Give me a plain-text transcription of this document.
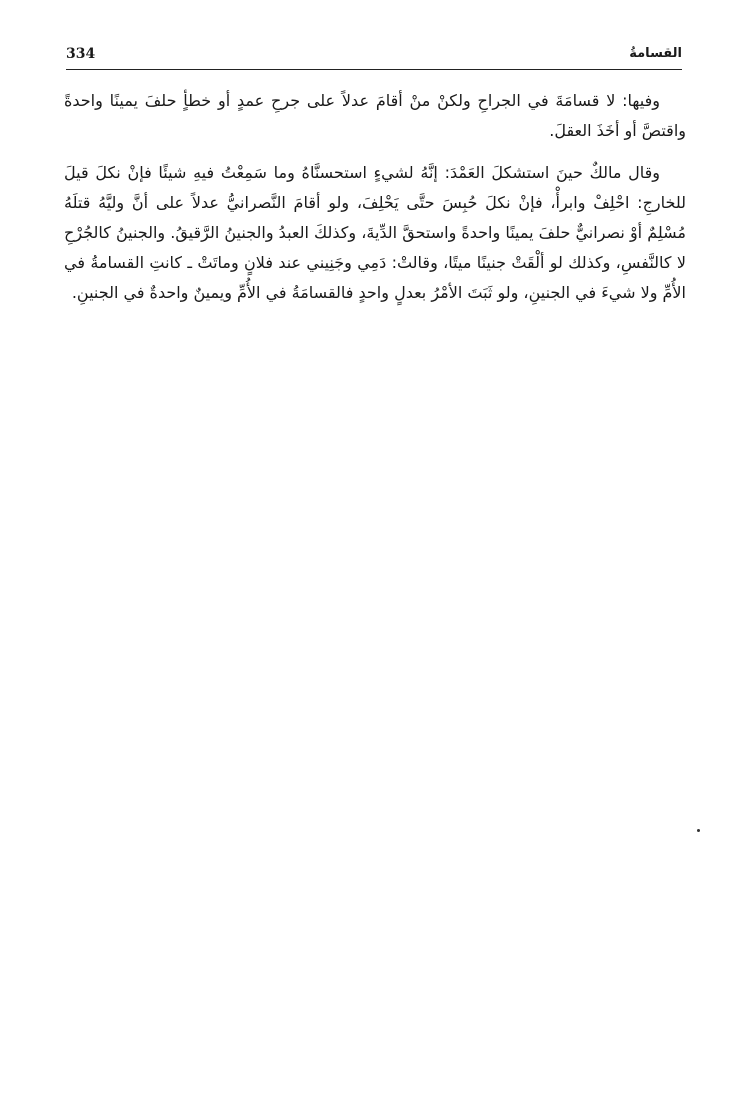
334	القسامةُ

وفيها: لا قسامَةَ في الجراحِ ولكنْ منْ أقامَ عدلاً على جرحِ عمدٍ أو خطأٍ حلفَ يمينًا واحدةً واقتصَّ أو أخَذَ العقلَ.

وقال مالكٌ حينَ استشكلَ العَمْدَ: إنَّهُ لشيءٍ استحسنَّاهُ وما سَمِعْتُ فيهِ شيئًا فإنْ نكلَ قيلَ للخارجِ: احْلِفْ وابرأْ، فإنْ نكلَ حُبِسَ حتَّى يَحْلِفَ، ولو أقامَ النَّصرانيُّ عدلاً على أنَّ وليَّهُ قتلَهُ مُسْلِمٌ أوْ نصرانيٌّ حلفَ يمينًا واحدةً واستحقَّ الدِّيةَ، وكذلكَ العبدُ والجنينُ الرَّقيقُ. والجنينُ كالجُرْحِ لا كالنَّفسِ، وكذلك لو ألْقَتْ جنينًا ميتًا، وقالتْ: دَمِي وجَنِيني عند فلانٍ وماتَتْ ـ كانتِ القسامةُ في الأُمِّ ولا شيءَ في الجنينِ، ولو ثَبَتَ الأمْرُ بعدلٍ واحدٍ فالقسامَةُ في الأُمِّ ويمينٌ واحدةٌ في الجنينِ.
